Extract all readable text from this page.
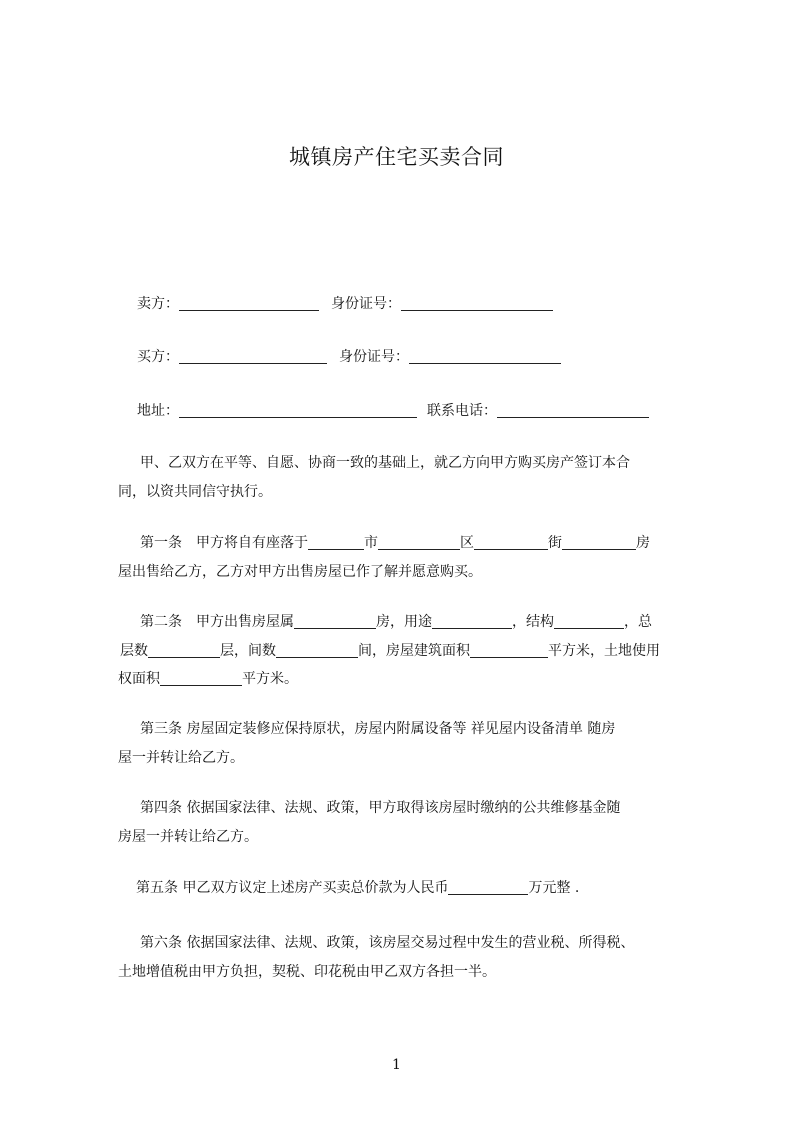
城镇房产住宅买卖合同
卖方：	身份证号：
买方：	身份证号：
地址：	联系电话：
甲、乙双方在平等、自愿、协商一致的基础上，就乙方向甲方购买房产签订本合
同，以资共同信守执行。
第一条 甲方将自有座落于	市	区	街	房
屋出售给乙方，乙方对甲方出售房屋已作了解并愿意购买。
第二条 甲方出售房屋属	房，用途	，结构	，总
层数	层，间数	间，房屋建筑面积	平方米，土地使用
权面积	平方米。
第三条 房屋固定装修应保持原状，房屋内附属设备等 祥见屋内设备清单 随房
屋一并转让给乙方。
第四条 依据国家法律、法规、政策，甲方取得该房屋时缴纳的公共维修基金随
房屋一并转让给乙方。
第五条 甲乙双方议定上述房产买卖总价款为人民币	万元整 .
第六条 依据国家法律、法规、政策，该房屋交易过程中发生的营业税、所得税、
土地增值税由甲方负担，契税、印花税由甲乙双方各担一半。
1
